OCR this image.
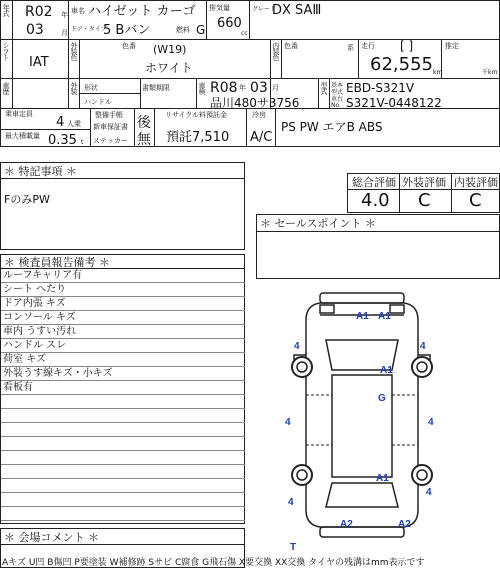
年式 R02 年
03 月
車名 ハイゼット カーゴ
ドア・タイプ
5 Bバン	燃料 G
排気量
660
cc
グレード
DX SAⅢ
シフト
IAT
外装色	色番 (W19)
ホワイト
内装色 色番	系 走行 [ ]
62,555 km
推定
千km
車歴	外装 形状
ハンドル
書類期限	車検 R08 年 03 月
品川480サ3756
型式 基本型式 EBD-S321V
車台No. S321V-0448122
乗車定員
4 人乗
最大積載量 0.35 t
整備手帳
新車保証書
ステッカー
後
無
リサイクル料預託金
預託7,510
冷房
A/C
PS PW エアB ABS
＊ 特記事項 ＊
FのみPW
総合評価 外装評価 内装評価
4.0 C C
＊ セールスポイント ＊
＊ 検査員報告備考 ＊
ルーフキャリア有
シート へたり
ドア内張 キズ
コンソール キズ
車内 うすい汚れ
ハンドル スレ
荷室 キズ
外装うす線キズ・小キズ
看板有
＊ 会場コメント ＊
Aキズ U凹 B傷凹 P要塗装 W補修跡 Sサビ C腐食 G飛石傷 X要交換 XX交換 タイヤの残溝はmm表示です
A1 A1
4	4
A1
G
4	4
A1
4
4
A2	A2
T
